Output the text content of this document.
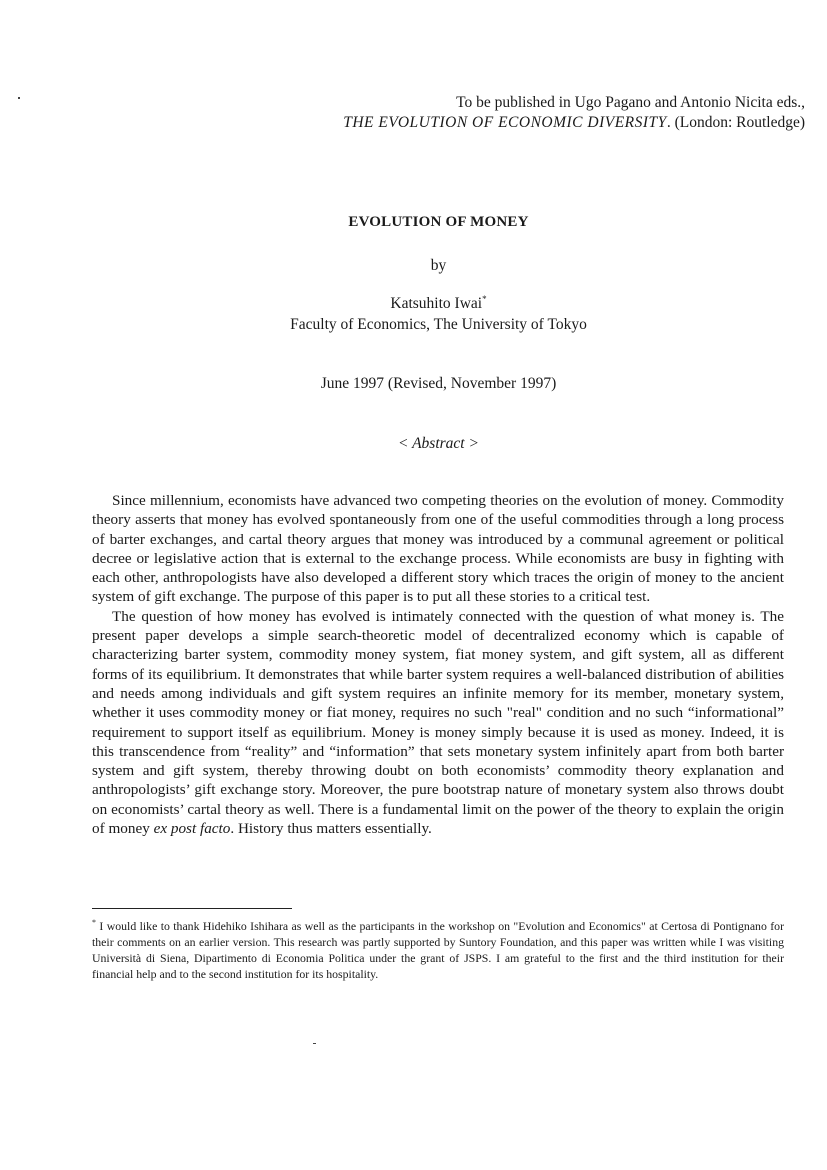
To be published in Ugo Pagano and Antonio Nicita eds.,
THE EVOLUTION OF ECONOMIC DIVERSITY. (London: Routledge)
EVOLUTION OF MONEY
by
Katsuhito Iwai*
Faculty of Economics, The University of Tokyo
June 1997 (Revised, November 1997)
< Abstract >

Since millennium, economists have advanced two competing theories on the evolution of money. Commodity theory asserts that money has evolved spontaneously from one of the useful commodities through a long process of barter exchanges, and cartal theory argues that money was introduced by a communal agreement or political decree or legislative action that is external to the exchange process. While economists are busy in fighting with each other, anthropologists have also developed a different story which traces the origin of money to the ancient system of gift exchange. The purpose of this paper is to put all these stories to a critical test.

The question of how money has evolved is intimately connected with the question of what money is. The present paper develops a simple search-theoretic model of decentralized economy which is capable of characterizing barter system, commodity money system, fiat money system, and gift system, all as different forms of its equilibrium. It demonstrates that while barter system requires a well-balanced distribution of abilities and needs among individuals and gift system requires an infinite memory for its member, monetary system, whether it uses commodity money or fiat money, requires no such "real" condition and no such “informational” requirement to support itself as equilibrium. Money is money simply because it is used as money. Indeed, it is this transcendence from “reality” and “information” that sets monetary system infinitely apart from both barter system and gift system, thereby throwing doubt on both economists’ commodity theory explanation and anthropologists’ gift exchange story. Moreover, the pure bootstrap nature of monetary system also throws doubt on economists’ cartal theory as well. There is a fundamental limit on the power of the theory to explain the origin of money ex post facto. History thus matters essentially.

* I would like to thank Hidehiko Ishihara as well as the participants in the workshop on "Evolution and Economics" at Certosa di Pontignano for their comments on an earlier version. This research was partly supported by Suntory Foundation, and this paper was written while I was visiting Università di Siena, Dipartimento di Economia Politica under the grant of JSPS. I am grateful to the first and the third institution for their financial help and to the second institution for its hospitality.
